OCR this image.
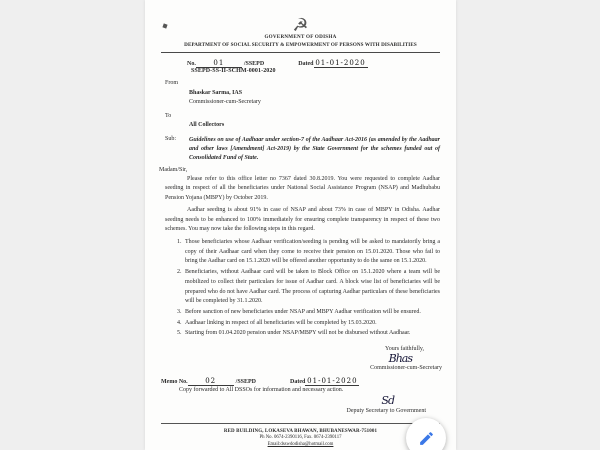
☭
GOVERNMENT OF ODISHA
DEPARTMENT OF SOCIAL SECURITY & EMPOWERMENT OF PERSONS WITH DISABILITIES
No.	01	/SSEPD	Dated 01-01-2020
SSEPD-SS-II-SCHM-0001-2020
From
Bhaskar Sarma, IAS
Commissioner-cum-Secretary
To
All Collectors
Sub:	Guidelines on use of Aadhaar under section-7 of the Aadhaar Act-2016 (as amended by the Aadhaar and other laws [Amendment] Act-2019) by the State Government for the schemes funded out of Consolidated Fund of State.
Madam/Sir,
Please refer to this office letter no 7367 dated 30.8.2019. You were requested to complete Aadhar seeding in respect of all the beneficiaries under National Social Assistance Program (NSAP) and Madhubabu Pension Yojana (MBPY) by October 2019.
Aadhar seeding is about 91% in case of NSAP and about 73% in case of MBPY in Odisha. Aadhar seeding needs to be enhanced to 100% immediately for ensuring complete transparency in respect of these two schemes. You may now take the following steps in this regard.
1. Those beneficiaries whose Aadhaar verification/seeding is pending will be asked to mandatorily bring a copy of their Aadhaar card when they come to receive their pension on 15.01.2020. Those who fail to bring the Aadhar card on 15.1.2020 will be offered another opportunity to do the same on 15.1.2020.
2. Beneficiaries, without Aadhaar card will be taken to Block Office on 15.1.2020 where a team will be mobilized to collect their particulars for issue of Aadhar card. A block wise list of beneficiaries will be prepared who do not have Aadhar card. The process of capturing Aadhar particulars of these beneficiaries will be completed by 31.1.2020.
3. Before sanction of new beneficiaries under NSAP and MBPY Aadhar verification will be ensured.
4. Aadhaar linking in respect of all beneficiaries will be completed by 15.03.2020.
5. Starting from 01.04.2020 pension under NSAP/MBPY will not be disbursed without Aadhaar.
Yours faithfully,
Bhas
Commissioner-cum-Secretary
Memo No.	02	/SSEPD	Dated 01-01-2020
Copy forwarded to All DSSOs for information and necessary action.
Sd
Deputy Secretary to Government
RED BUILDING, LOKASEVA BHAWAN, BHUBANESWAR-751001
Ph No. 0674-2390116, Fax. 0674-2390117
Email:dsswdodisha@hotmail.com
